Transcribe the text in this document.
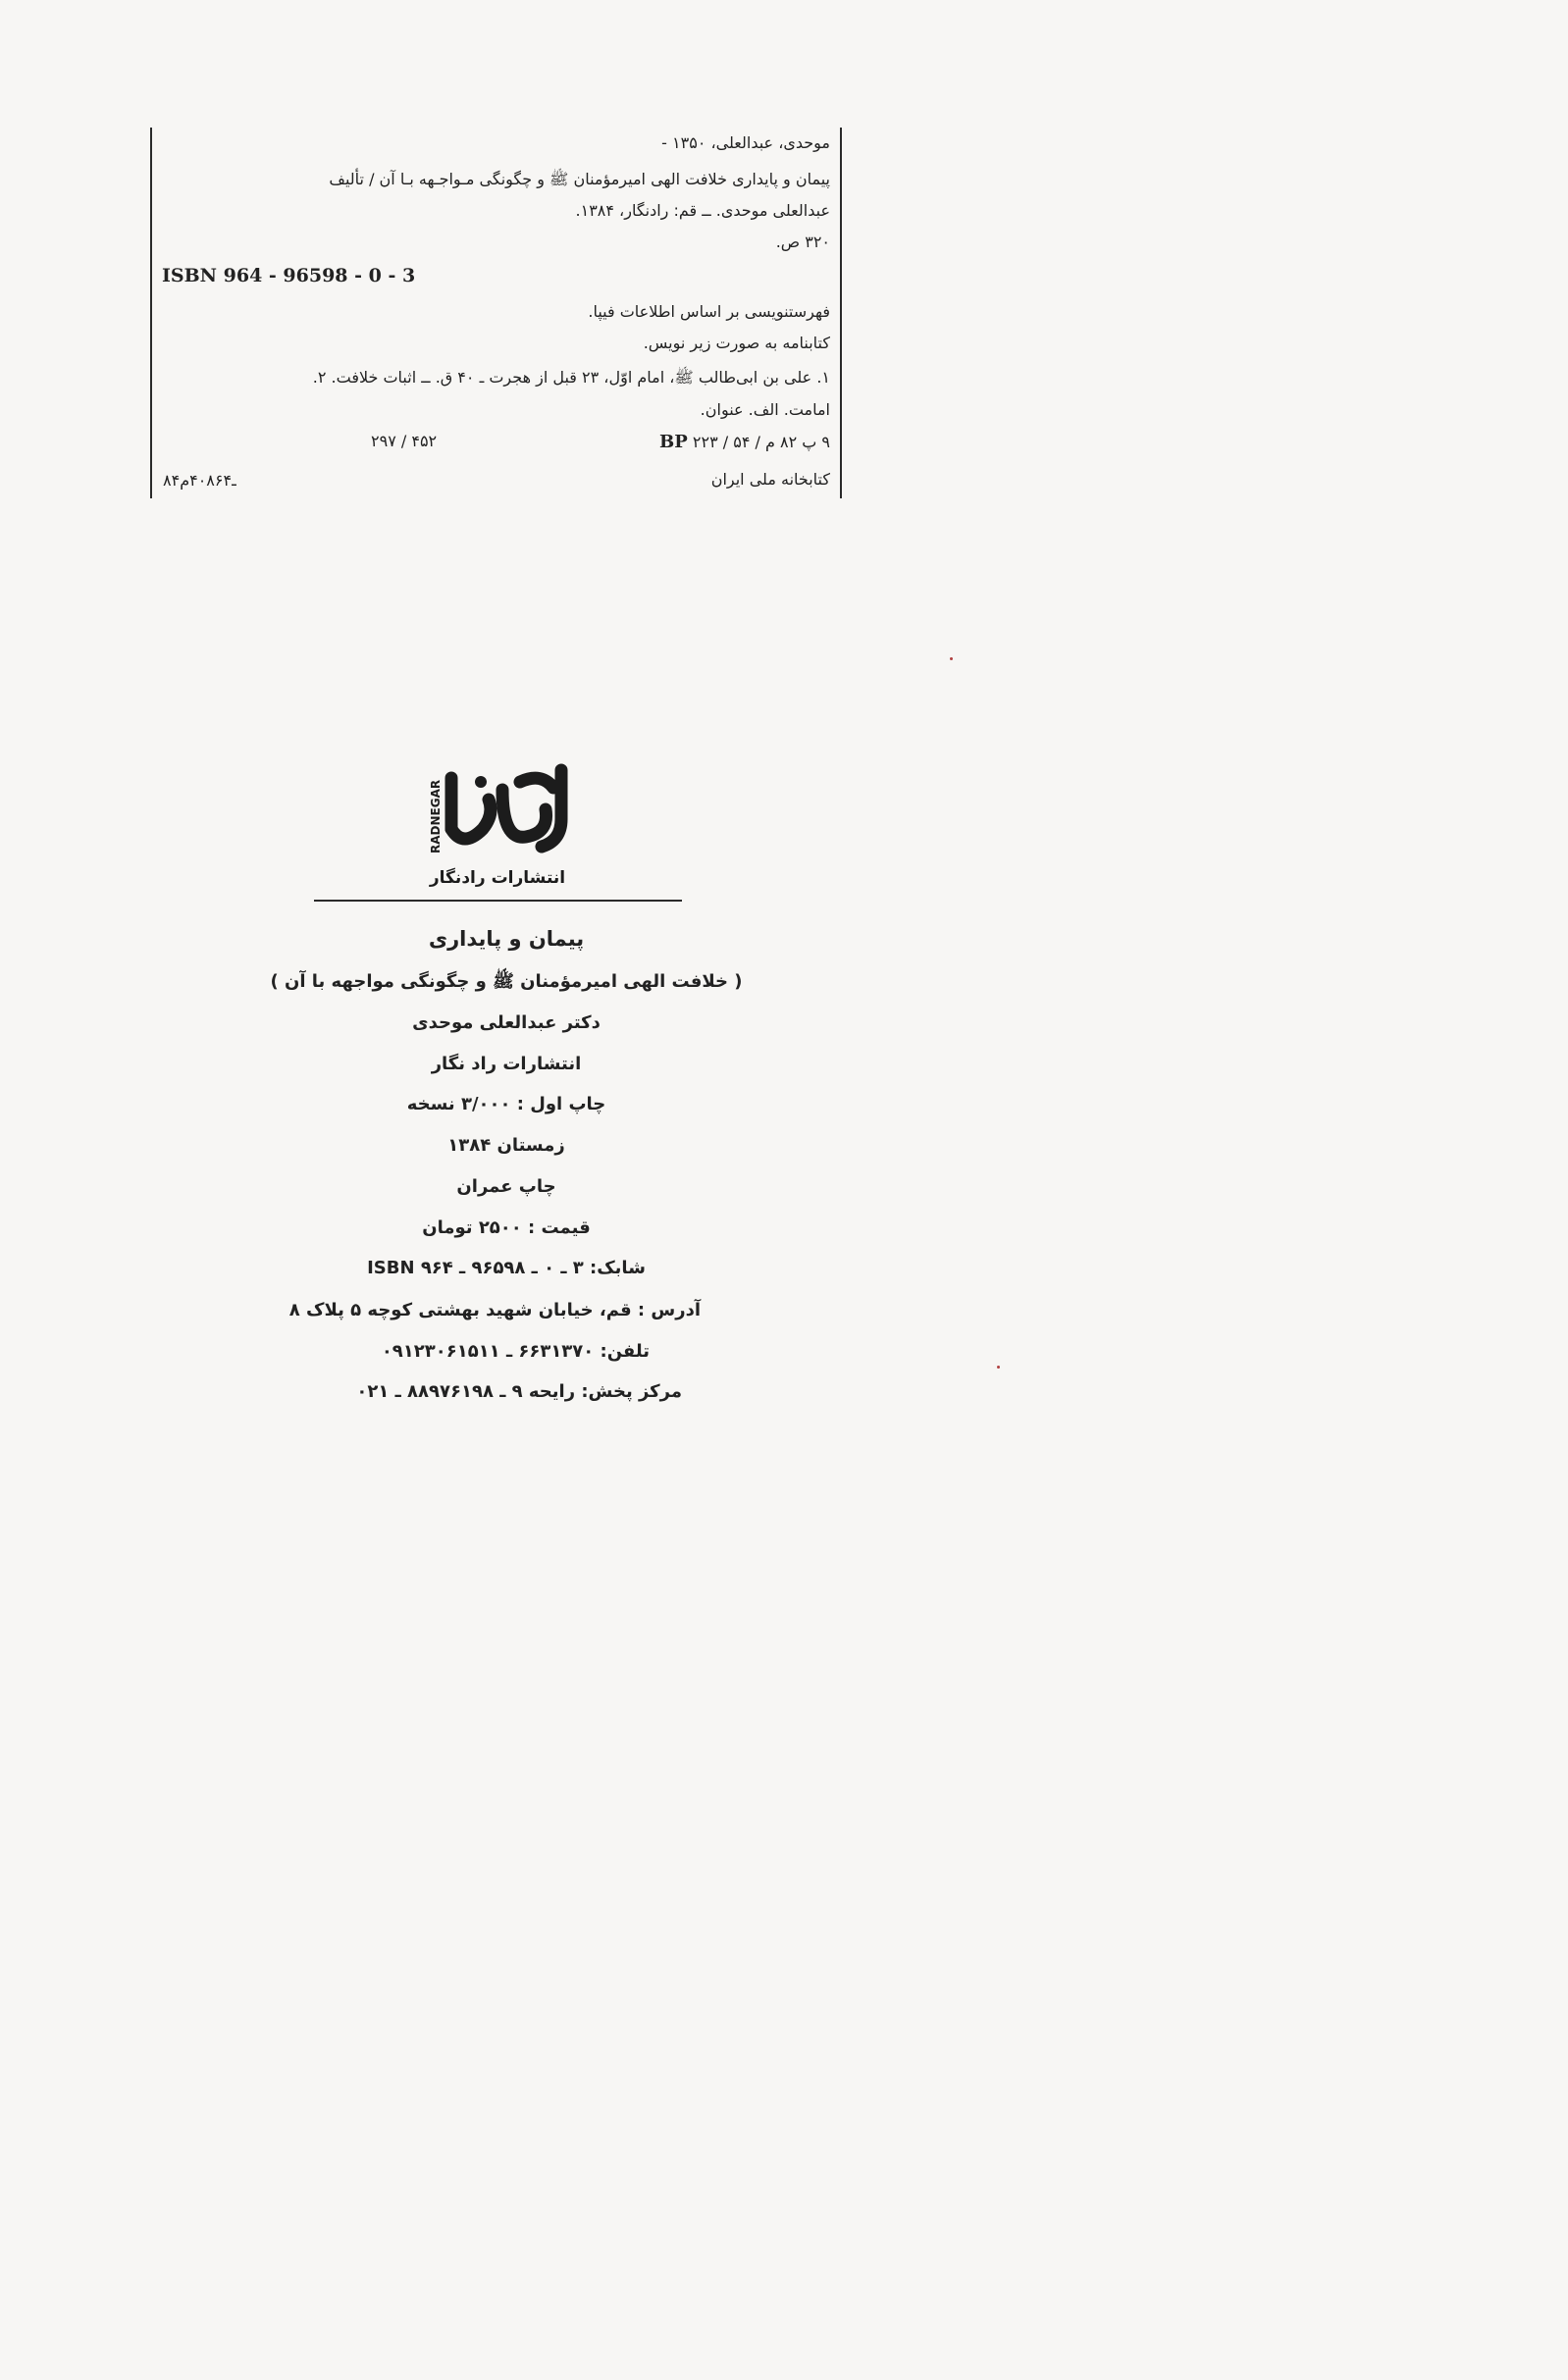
موحدی، عبدالعلی، ۱۳۵۰ -
پیمان و پایداری خلافت الهی امیرمؤمنان ﷺ و چگونگی مـواجـهه بـا آن / تألیف
عبدالعلی موحدی. ــ قم: رادنگار، ۱۳۸۴.
۳۲۰ ص.
ISBN 964 - 96598 - 0 - 3
فهرستنویسی بر اساس اطلاعات فیپا.
کتابنامه به صورت زیر نویس.
۱. علی بن ابی‌طالب ﷺ، امام اوّل، ۲۳ قبل از هجرت ـ ۴۰ ق. ــ اثبات خلافت. ۲.
امامت. الف. عنوان.
۹ پ ۸۲ م / ۵۴ / ۲۲۳ BP
۲۹۷ / ۴۵۲
کتابخانه ملی ایران
۸۴ـ۴۰۸۶۴م
RADNEGAR
انتشارات رادنگار
پیمان و پایداری
( خلافت الهی امیرمؤمنان ﷺ و چگونگی مواجهه با آن )
دکتر عبدالعلی موحدی
انتشارات راد نگار
چاپ اول : ۳/۰۰۰ نسخه
زمستان ۱۳۸۴
چاپ عمران
قیمت : ۲۵۰۰ تومان
شابک: ۳ ـ ۰ ـ ۹۶۵۹۸ ـ ۹۶۴ ISBN
آدرس : قم، خیابان شهید بهشتی کوچه ۵ پلاک ۸
تلفن: ۶۶۳۱۳۷۰ ـ ۰۹۱۲۳۰۶۱۵۱۱
مرکز پخش: رایحه ۹ ـ ۸۸۹۷۶۱۹۸ ـ ۰۲۱
